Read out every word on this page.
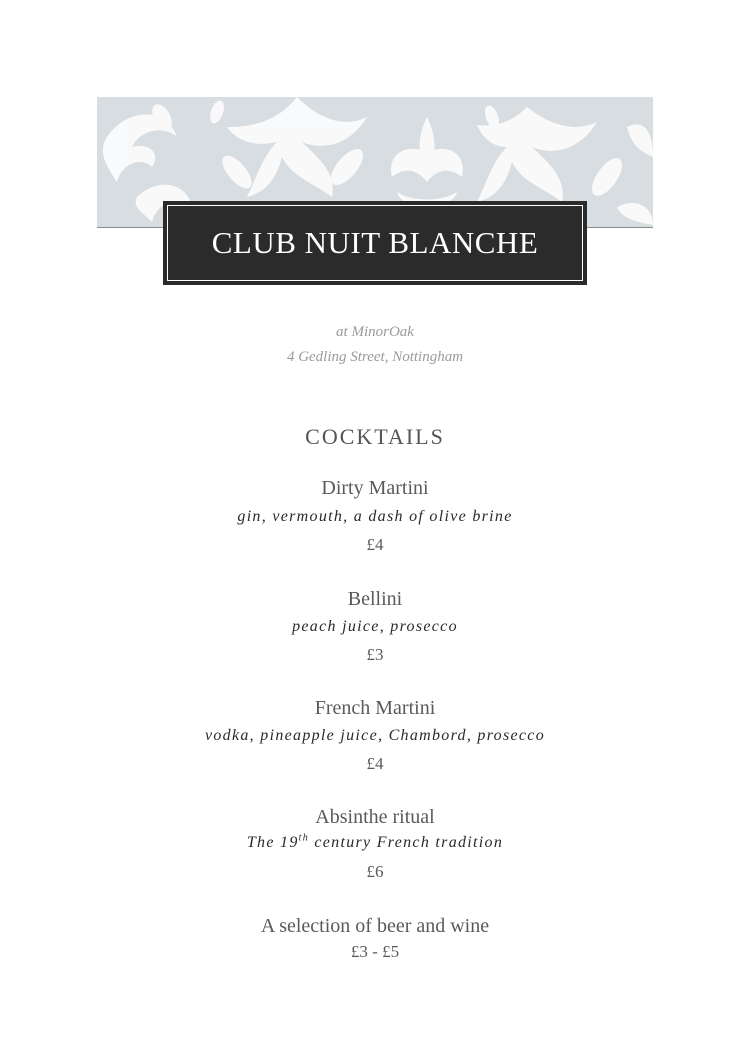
CLUB NUIT BLANCHE
at MinorOak
4 Gedling Street, Nottingham
COCKTAILS
Dirty Martini
gin, vermouth, a dash of olive brine
£4
Bellini
peach juice, prosecco
£3
French Martini
vodka, pineapple juice, Chambord, prosecco
£4
Absinthe ritual
The 19th century French tradition
£6
A selection of beer and wine
£3 - £5
